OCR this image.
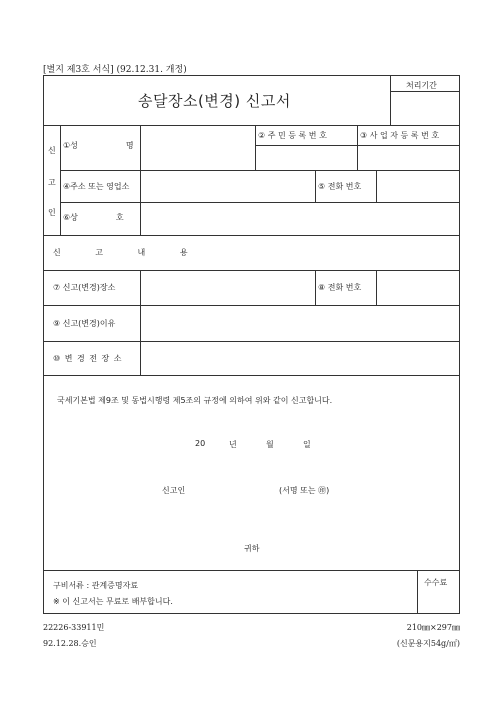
[별지 제3호 서식] (92.12.31. 개정)
송달장소(변경) 신고서
처리기간
신
고
인
①성	명
② 주 민 등 록 번 호	③ 사 업 자 등 록 번 호
④주소 또는 영업소	⑤ 전화 번호
⑥상	호
신 고 내 용
⑦ 신고(변경)장소	⑧ 전화 번호
⑨ 신고(변경)이유
⑩ 변 경 전 장 소
국세기본법 제9조 및 동법시행령 제5조의 규정에 의하여 위와 같이 신고합니다.
20	년	월	일
신고인	(서명 또는 ㊞)
귀하
구비서류 : 관계증명자료
※ 이 신고서는 무료로 배부합니다.
수수료
22226-33911민
92.12.28.승인
210㎜×297㎜
(신문용지54g/㎡)
